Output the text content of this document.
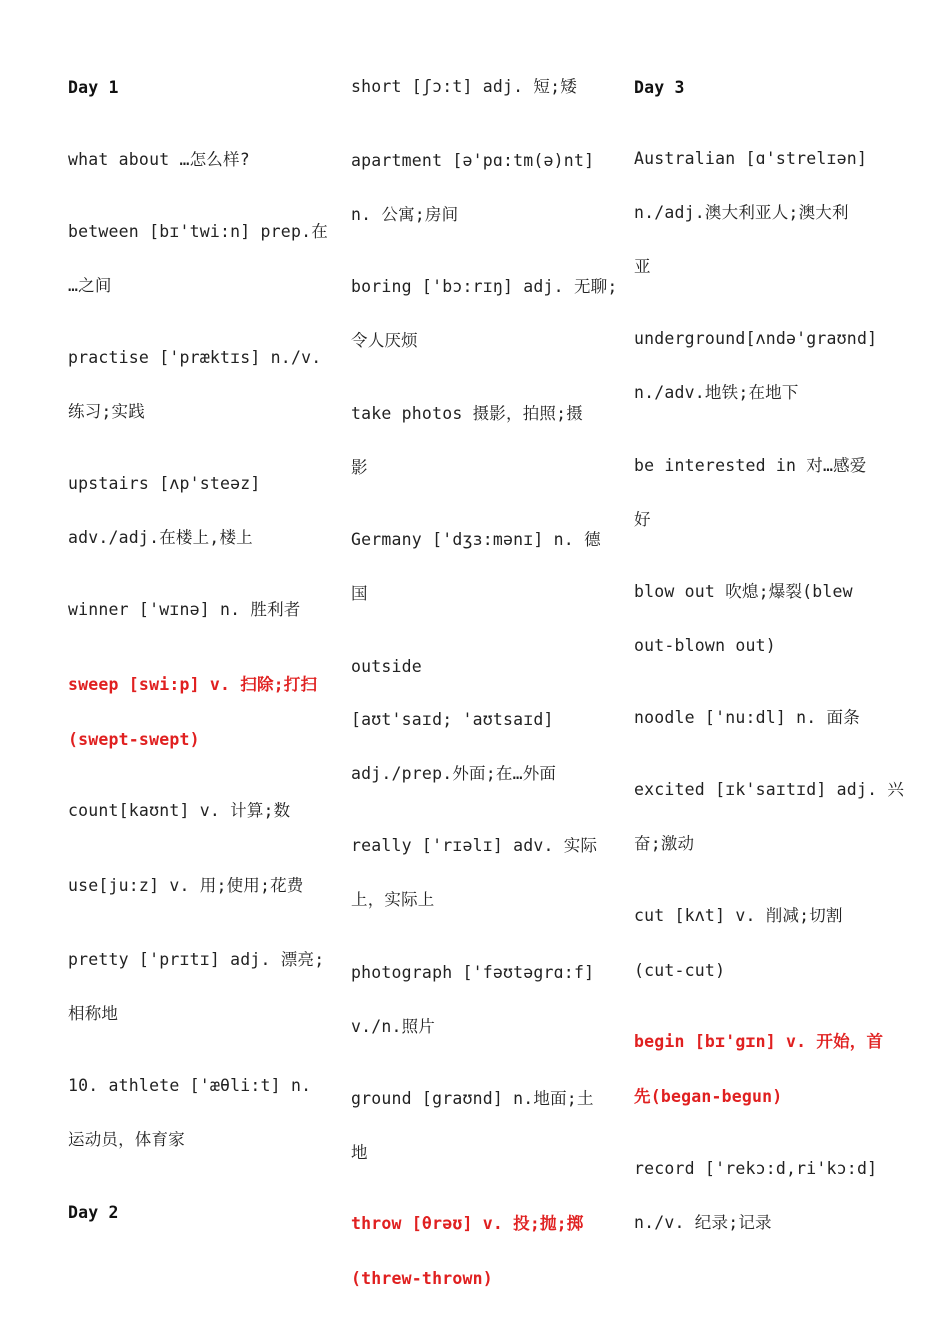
Day 1
what about …怎么样?
between [bɪ'twi:n] prep.在
…之间
practise ['præktɪs] n./v.
练习;实践
upstairs [ʌp'steəz]
adv./adj.在楼上,楼上
winner ['wɪnə] n. 胜利者
sweep [swi:p] v. 扫除;打扫
(swept-swept)
count[kaʊnt] v. 计算;数
use[ju:z] v. 用;使用;花费
pretty ['prɪtɪ] adj. 漂亮;
相称地
10. athlete ['æθli:t] n.
运动员，体育家
Day 2
short [ʃɔ:t] adj. 短;矮
apartment [ə'pɑ:tm(ə)nt]
n. 公寓;房间
boring ['bɔ:rɪŋ] adj. 无聊;
令人厌烦
take photos 摄影，拍照;摄
影
Germany ['dʒɜ:mənɪ] n. 德
国
outside
[aʊt'saɪd; 'aʊtsaɪd]
adj./prep.外面;在…外面
really ['rɪəlɪ] adv. 实际
上，实际上
photograph ['fəʊtəgrɑ:f]
v./n.照片
ground [graʊnd] n.地面;土
地
throw [θrəʊ] v. 投;抛;掷
(threw-thrown)
Day 3
Australian [ɑ'strelɪən]
n./adj.澳大利亚人;澳大利
亚
underground[ʌndə'graʊnd]
n./adv.地铁;在地下
be interested in 对…感爱
好
blow out 吹熄;爆裂(blew
out-blown out)
noodle ['nu:dl] n. 面条
excited [ɪk'saɪtɪd] adj. 兴
奋;激动
cut [kʌt] v. 削减;切割
(cut-cut)
begin [bɪ'gɪn] v. 开始，首
先(began-begun)
record ['rekɔ:d,ri'kɔ:d]
n./v. 纪录;记录
